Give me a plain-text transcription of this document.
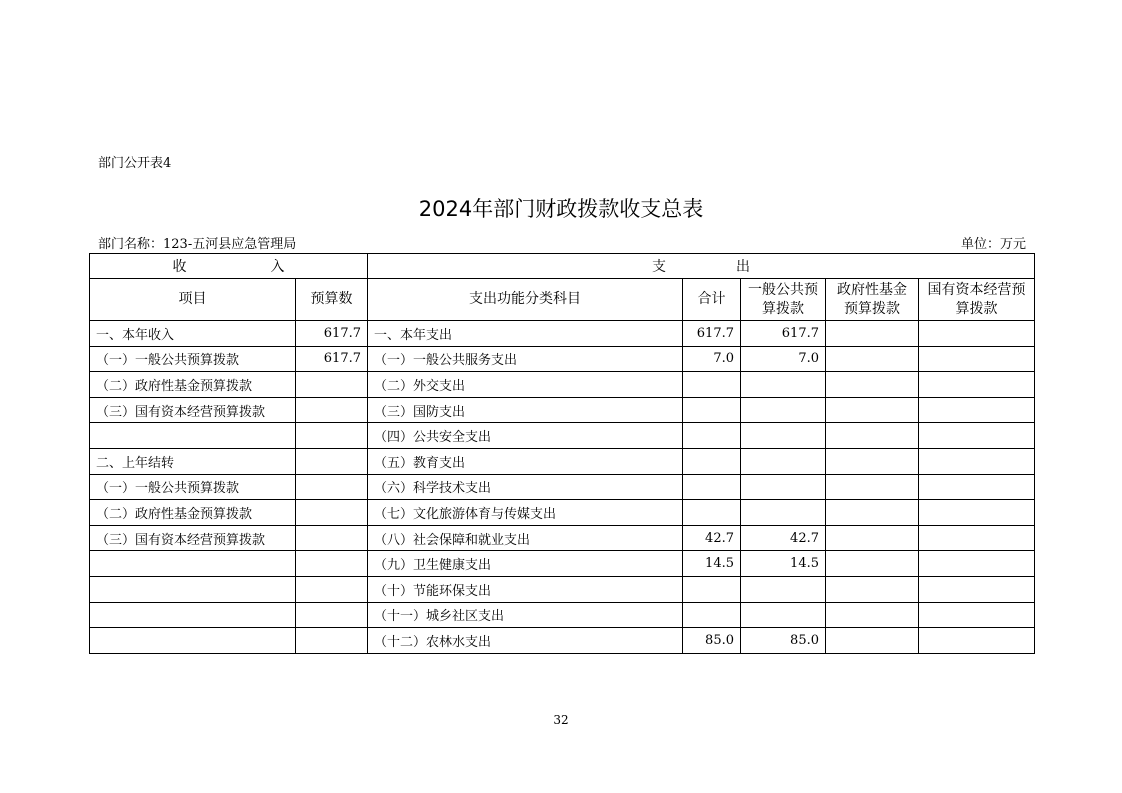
部门公开表4
2024年部门财政拨款收支总表
部门名称：123-五河县应急管理局	单位：万元
收　　　　　　入		支　　　　　出				
项目	预算数	支出功能分类科目	合计	一般公共预算拨款	政府性基金预算拨款	国有资本经营预算拨款
一、本年收入	617.7	一、本年支出	617.7	617.7		
（一）一般公共预算拨款	617.7	（一）一般公共服务支出	7.0	7.0		
（二）政府性基金预算拨款		（二）外交支出				
（三）国有资本经营预算拨款		（三）国防支出				
		（四）公共安全支出				
二、上年结转		（五）教育支出				
（一）一般公共预算拨款		（六）科学技术支出				
（二）政府性基金预算拨款		（七）文化旅游体育与传媒支出				
（三）国有资本经营预算拨款		（八）社会保障和就业支出	42.7	42.7		
		（九）卫生健康支出	14.5	14.5		
		（十）节能环保支出				
		（十一）城乡社区支出				
		（十二）农林水支出	85.0	85.0		
32
